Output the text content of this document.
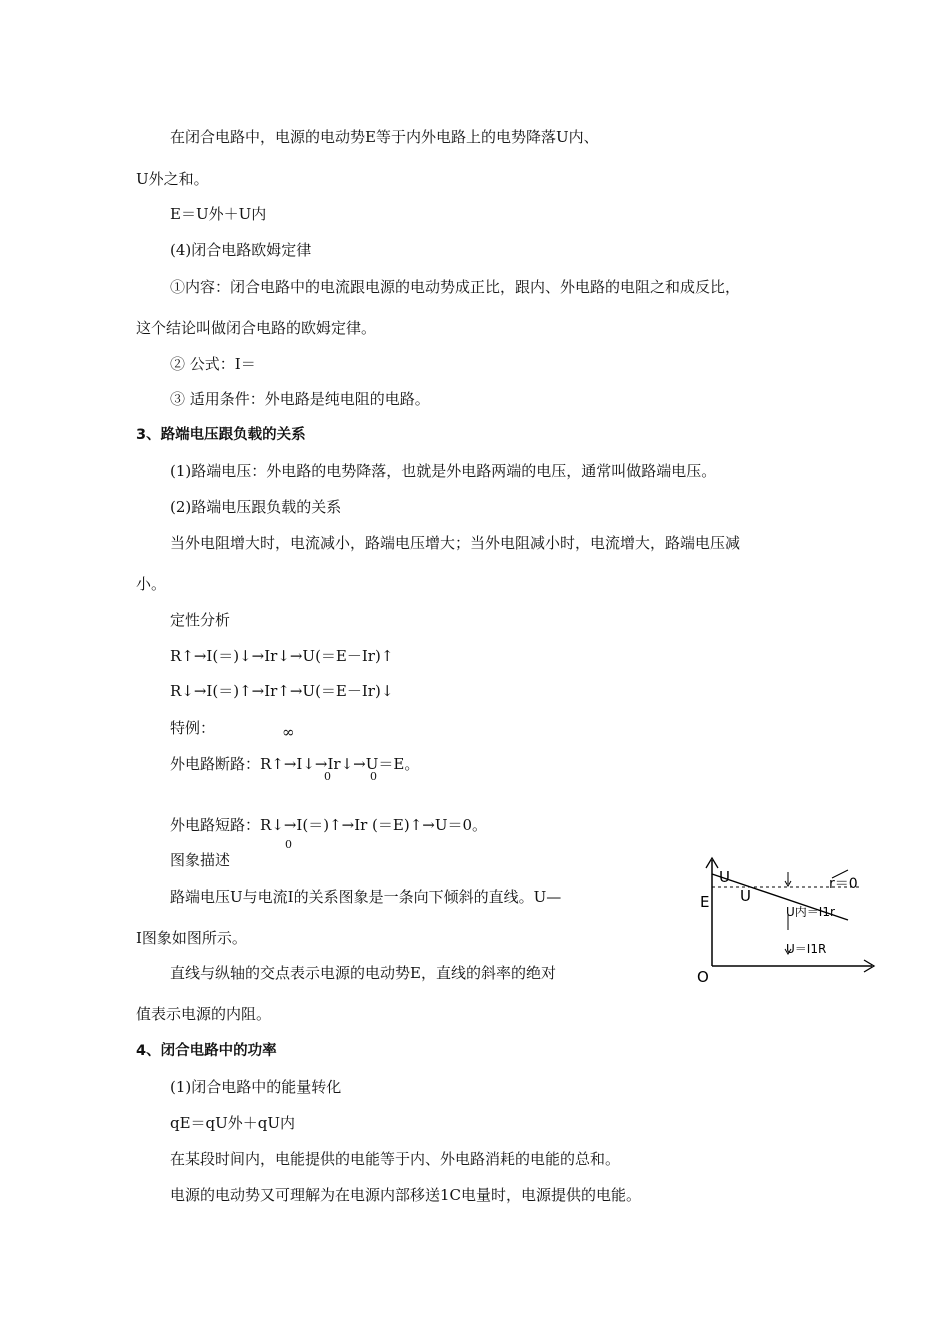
在闭合电路中，电源的电动势E等于内外电路上的电势降落U内、
U外之和。
E＝U外＋U内
(4)闭合电路欧姆定律
①内容：闭合电路中的电流跟电源的电动势成正比，跟内、外电路的电阻之和成反比，
这个结论叫做闭合电路的欧姆定律。
② 公式：I＝
③ 适用条件：外电路是纯电阻的电路。
3、路端电压跟负载的关系
(1)路端电压：外电路的电势降落，也就是外电路两端的电压，通常叫做路端电压。
(2)路端电压跟负载的关系
当外电阻增大时，电流减小，路端电压增大；当外电阻减小时，电流增大，路端电压减
小。
定性分析
R↑→I(＝)↓→Ir↓→U(＝E－Ir)↑
R↓→I(＝)↑→Ir↑→U(＝E－Ir)↓
特例：	∞
外电路断路：R↑→I↓→Ir↓→U＝E。
0	0
外电路短路：R↓→I(＝)↑→Ir (＝E)↑→U＝0。
0
图象描述
路端电压U与电流I的关系图象是一条向下倾斜的直线。U—
I图象如图所示。
直线与纵轴的交点表示电源的电动势E，直线的斜率的绝对
值表示电源的内阻。
4、闭合电路中的功率
(1)闭合电路中的能量转化
qE＝qU外＋qU内
在某段时间内，电能提供的电能等于内、外电路消耗的电能的总和。
电源的电动势又可理解为在电源内部移送1C电量时，电源提供的电能。
U
E
O
U
r＝0
U内＝I1r
U＝I1R
